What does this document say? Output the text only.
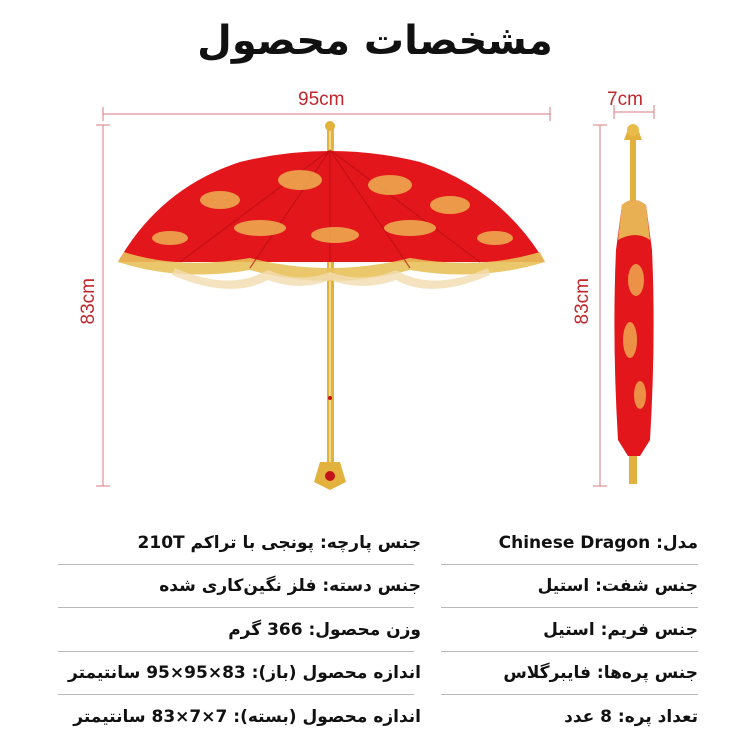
مشخصات محصول
95cm
83cm
7cm
83cm
مدل: Chinese Dragon
جنس پارچه: پونجی با تراکم 210T
جنس شفت: استیل
جنس دسته: فلز نگین‌کاری شده
جنس فریم: استیل
وزن محصول: 366 گرم
جنس پره‌ها: فایبرگلاس
اندازه محصول (باز): 83×95×95 سانتیمتر
تعداد پره: 8 عدد
اندازه محصول (بسته): 7×7×83 سانتیمتر
